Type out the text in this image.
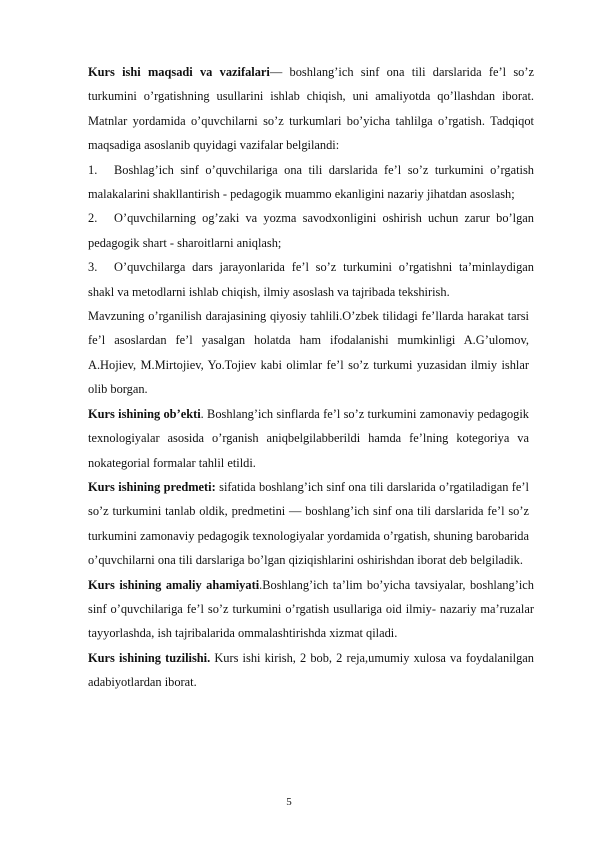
Kurs ishi maqsadi va vazifalari— boshlang’ich sinf ona tili darslarida fe’l so’z turkumini o’rgatishning usullarini ishlab chiqish, uni amaliyotda qo’llashdan iborat. Matnlar yordamida o’quvchilarni so’z turkumlari bo’yicha tahlilga o’rgatish. Tadqiqot maqsadiga asoslanib quyidagi vazifalar belgilandi:

1. Boshlag’ich sinf o’quvchilariga ona tili darslarida fe’l so’z turkumini o’rgatish malakalarini shakllantirish - pedagogik muammo ekanligini nazariy jihatdan asoslash;

2. O’quvchilarning og’zaki va yozma savodxonligini oshirish uchun zarur bo’lgan pedagogik shart - sharoitlarni aniqlash;

3. O’quvchilarga dars jarayonlarida fe’l so’z turkumini o’rgatishni ta’minlaydigan shakl va metodlarni ishlab chiqish, ilmiy asoslash va tajribada tekshirish.

Mavzuning o’rganilish darajasining qiyosiy tahlili.O’zbek tilidagi fe’llarda harakat tarsi fe’l asoslardan fe’l yasalgan holatda ham ifodalanishi mumkinligi A.G’ulomov, A.Hojiev, M.Mirtojiev, Yo.Tojiev kabi olimlar fe’l so’z turkumi yuzasidan ilmiy ishlar olib borgan.

Kurs ishining ob’ekti. Boshlang’ich sinflarda fe’l so’z turkumini zamonaviy pedagogik texnologiyalar asosida o’rganish aniqbelgilabberildi hamda fe’lning kotegoriya va nokategorial formalar tahlil etildi.

Kurs ishining predmeti: sifatida boshlang’ich sinf ona tili darslarida o’rgatiladigan fe’l so’z turkumini tanlab oldik, predmetini — boshlang’ich sinf ona tili darslarida fe’l so’z turkumini zamonaviy pedagogik texnologiyalar yordamida o’rgatish, shuning barobarida o’quvchilarni ona tili darslariga bo’lgan qiziqishlarini oshirishdan iborat deb belgiladik.

Kurs ishining amaliy ahamiyati.Boshlang’ich ta’lim bo’yicha tavsiyalar, boshlang’ich sinf o’quvchilariga fe’l so’z turkumini o’rgatish usullariga oid ilmiy- nazariy ma’ruzalar tayyorlashda, ish tajribalarida ommalashtirishda xizmat qiladi.

Kurs ishining tuzilishi. Kurs ishi kirish, 2 bob, 2 reja,umumiy xulosa va foydalanilgan adabiyotlardan iborat.

5
